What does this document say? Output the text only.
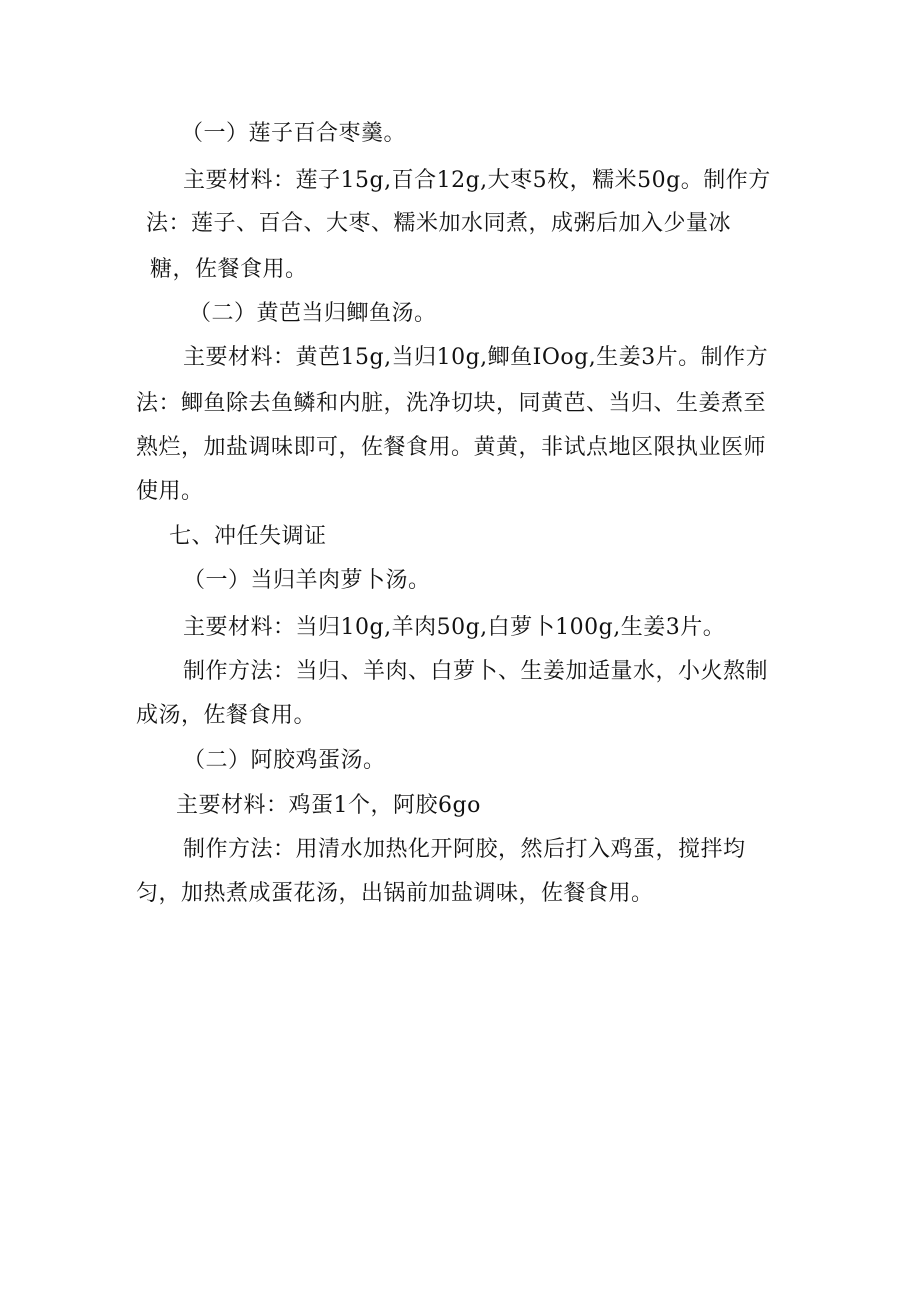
（一）莲子百合枣羹。
主要材料：莲子15g,百合12g,大枣5枚，糯米50g。制作方
法：莲子、百合、大枣、糯米加水同煮，成粥后加入少量冰
糖，佐餐食用。
（二）黄芭当归鲫鱼汤。
主要材料：黄芭15g,当归10g,鲫鱼IOog,生姜3片。制作方
法：鲫鱼除去鱼鳞和内脏，洗净切块，同黄芭、当归、生姜煮至
熟烂，加盐调味即可，佐餐食用。黄黄，非试点地区限执业医师
使用。
七、冲任失调证
（一）当归羊肉萝卜汤。
主要材料：当归10g,羊肉50g,白萝卜100g,生姜3片。
制作方法：当归、羊肉、白萝卜、生姜加适量水，小火熬制
成汤，佐餐食用。
（二）阿胶鸡蛋汤。
主要材料：鸡蛋1个，阿胶6go
制作方法：用清水加热化开阿胶，然后打入鸡蛋，搅拌均
匀，加热煮成蛋花汤，出锅前加盐调味，佐餐食用。
